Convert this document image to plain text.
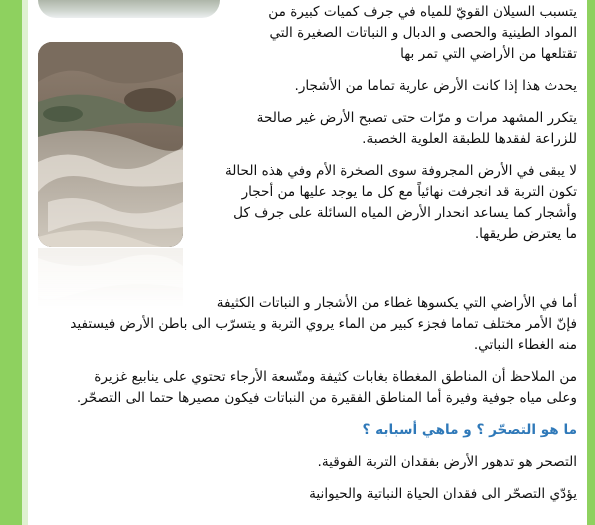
يتسبب السيلان القويّ للمياه في جرف كميات كبيرة من
المواد الطينية والحصى و الدبال و النباتات الصغيرة التي
تقتلعها من الأراضي التي تمر بها

يحدث هذا إذا كانت الأرض عارية تماما من الأشجار.

يتكرر المشهد مرات و مرّات حتى تصبح الأرض غير صالحة
للزراعة لفقدها للطبقة العلوية الخصبة.

لا يبقى في الأرض المجروفة سوى الصخرة الأم وفي هذه الحالة
تكون التربة قد انجرفت نهائياً مع كل ما يوجد عليها من أحجار
وأشجار كما يساعد انحدار الأرض المياه السائلة على جرف كل
ما يعترض طريقها.

أما في الأراضي التي يكسوها غطاء من الأشجار و النباتات الكثيفة
فإنّ الأمر مختلف تماما فجزء كبير من الماء يروي التربة و يتسرّب الى باطن الأرض فيستفيد
منه الغطاء النباتي.

من الملاحظ أن المناطق المغطاة بغابات كثيفة ومتّسعة الأرجاء تحتوي على ينابيع غزيرة
وعلى مياه جوفية وفيرة أما المناطق الفقيرة من النباتات فيكون مصيرها حتما الى التصحّر.

ما هو التصحّر ؟ و ماهي أسبابه ؟

التصحر هو تدهور الأرض بفقدان التربة الفوقية.

يؤدّي التصحّر الى فقدان الحياة النباتية والحيوانية
